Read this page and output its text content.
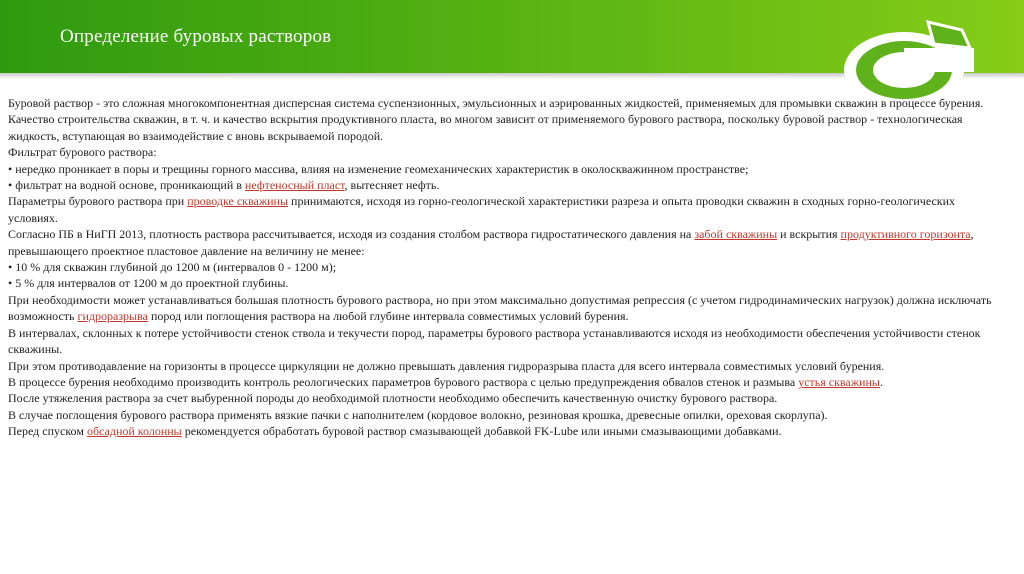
Определение буровых растворов

Буровой раствор - это сложная многокомпонентная дисперсная система суспензионных, эмульсионных и аэрированных жидкостей, применяемых для промывки скважин в процессе бурения.

Качество строительства скважин, в т. ч. и качество вскрытия продуктивного пласта, во многом зависит от применяемого бурового раствора, поскольку буровой раствор - технологическая жидкость, вступающая во взаимодействие с вновь вскрываемой породой.

Фильтрат бурового раствора:

• нередко проникает в поры и трещины горного массива, влияя на изменение геомеханических характеристик в околоскважинном пространстве;

• фильтрат на водной основе, проникающий в нефтеносный пласт, вытесняет нефть.

Параметры бурового раствора при проводке скважины принимаются, исходя из горно-геологической характеристики разреза и опыта проводки скважин в сходных горно-геологических условиях.

Согласно ПБ в НиГП 2013, плотность раствора рассчитывается, исходя из создания столбом раствора гидростатического давления на забой скважины и вскрытия продуктивного горизонта, превышающего проектное пластовое давление на величину не менее:

• 10 % для скважин глубиной до 1200 м (интервалов 0 - 1200 м);

• 5 % для интервалов от 1200 м до проектной глубины.

При необходимости может устанавливаться большая плотность бурового раствора, но при этом максимально допустимая репрессия (с учетом гидродинамических нагрузок) должна исключать возможность гидроразрыва пород или поглощения раствора на любой глубине интервала совместимых условий бурения.

В интервалах, склонных к потере устойчивости стенок ствола и текучести пород, параметры бурового раствора устанавливаются исходя из необходимости обеспечения устойчивости стенок скважины.

При этом противодавление на горизонты в процессе циркуляции не должно превышать давления гидроразрыва пласта для всего интервала совместимых условий бурения.

В процессе бурения необходимо производить контроль реологических параметров бурового раствора с целью предупреждения обвалов стенок и размыва устья скважины.

После утяжеления раствора за счет выбуренной породы до необходимой плотности необходимо обеспечить качественную очистку бурового раствора.

В случае поглощения бурового раствора применять вязкие пачки с наполнителем (кордовое волокно, резиновая крошка, древесные опилки, ореховая скорлупа).

Перед спуском обсадной колонны рекомендуется обработать буровой раствор смазывающей добавкой FK-Lube или иными смазывающими добавками.
